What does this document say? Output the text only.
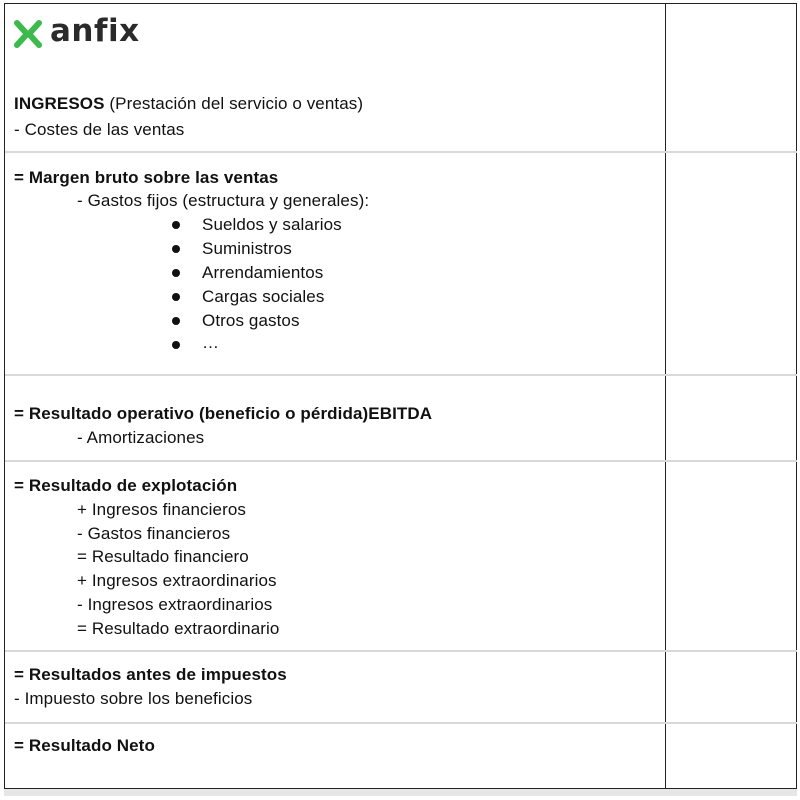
anfix
INGRESOS (Prestación del servicio o ventas)
- Costes de las ventas
= Margen bruto sobre las ventas
- Gastos fijos (estructura y generales):
Sueldos y salarios
Suministros
Arrendamientos
Cargas sociales
Otros gastos
…
= Resultado operativo (beneficio o pérdida)EBITDA
- Amortizaciones
= Resultado de explotación
+ Ingresos financieros
- Gastos financieros
= Resultado financiero
+ Ingresos extraordinarios
- Ingresos extraordinarios
= Resultado extraordinario
= Resultados antes de impuestos
- Impuesto sobre los beneficios
= Resultado Neto
